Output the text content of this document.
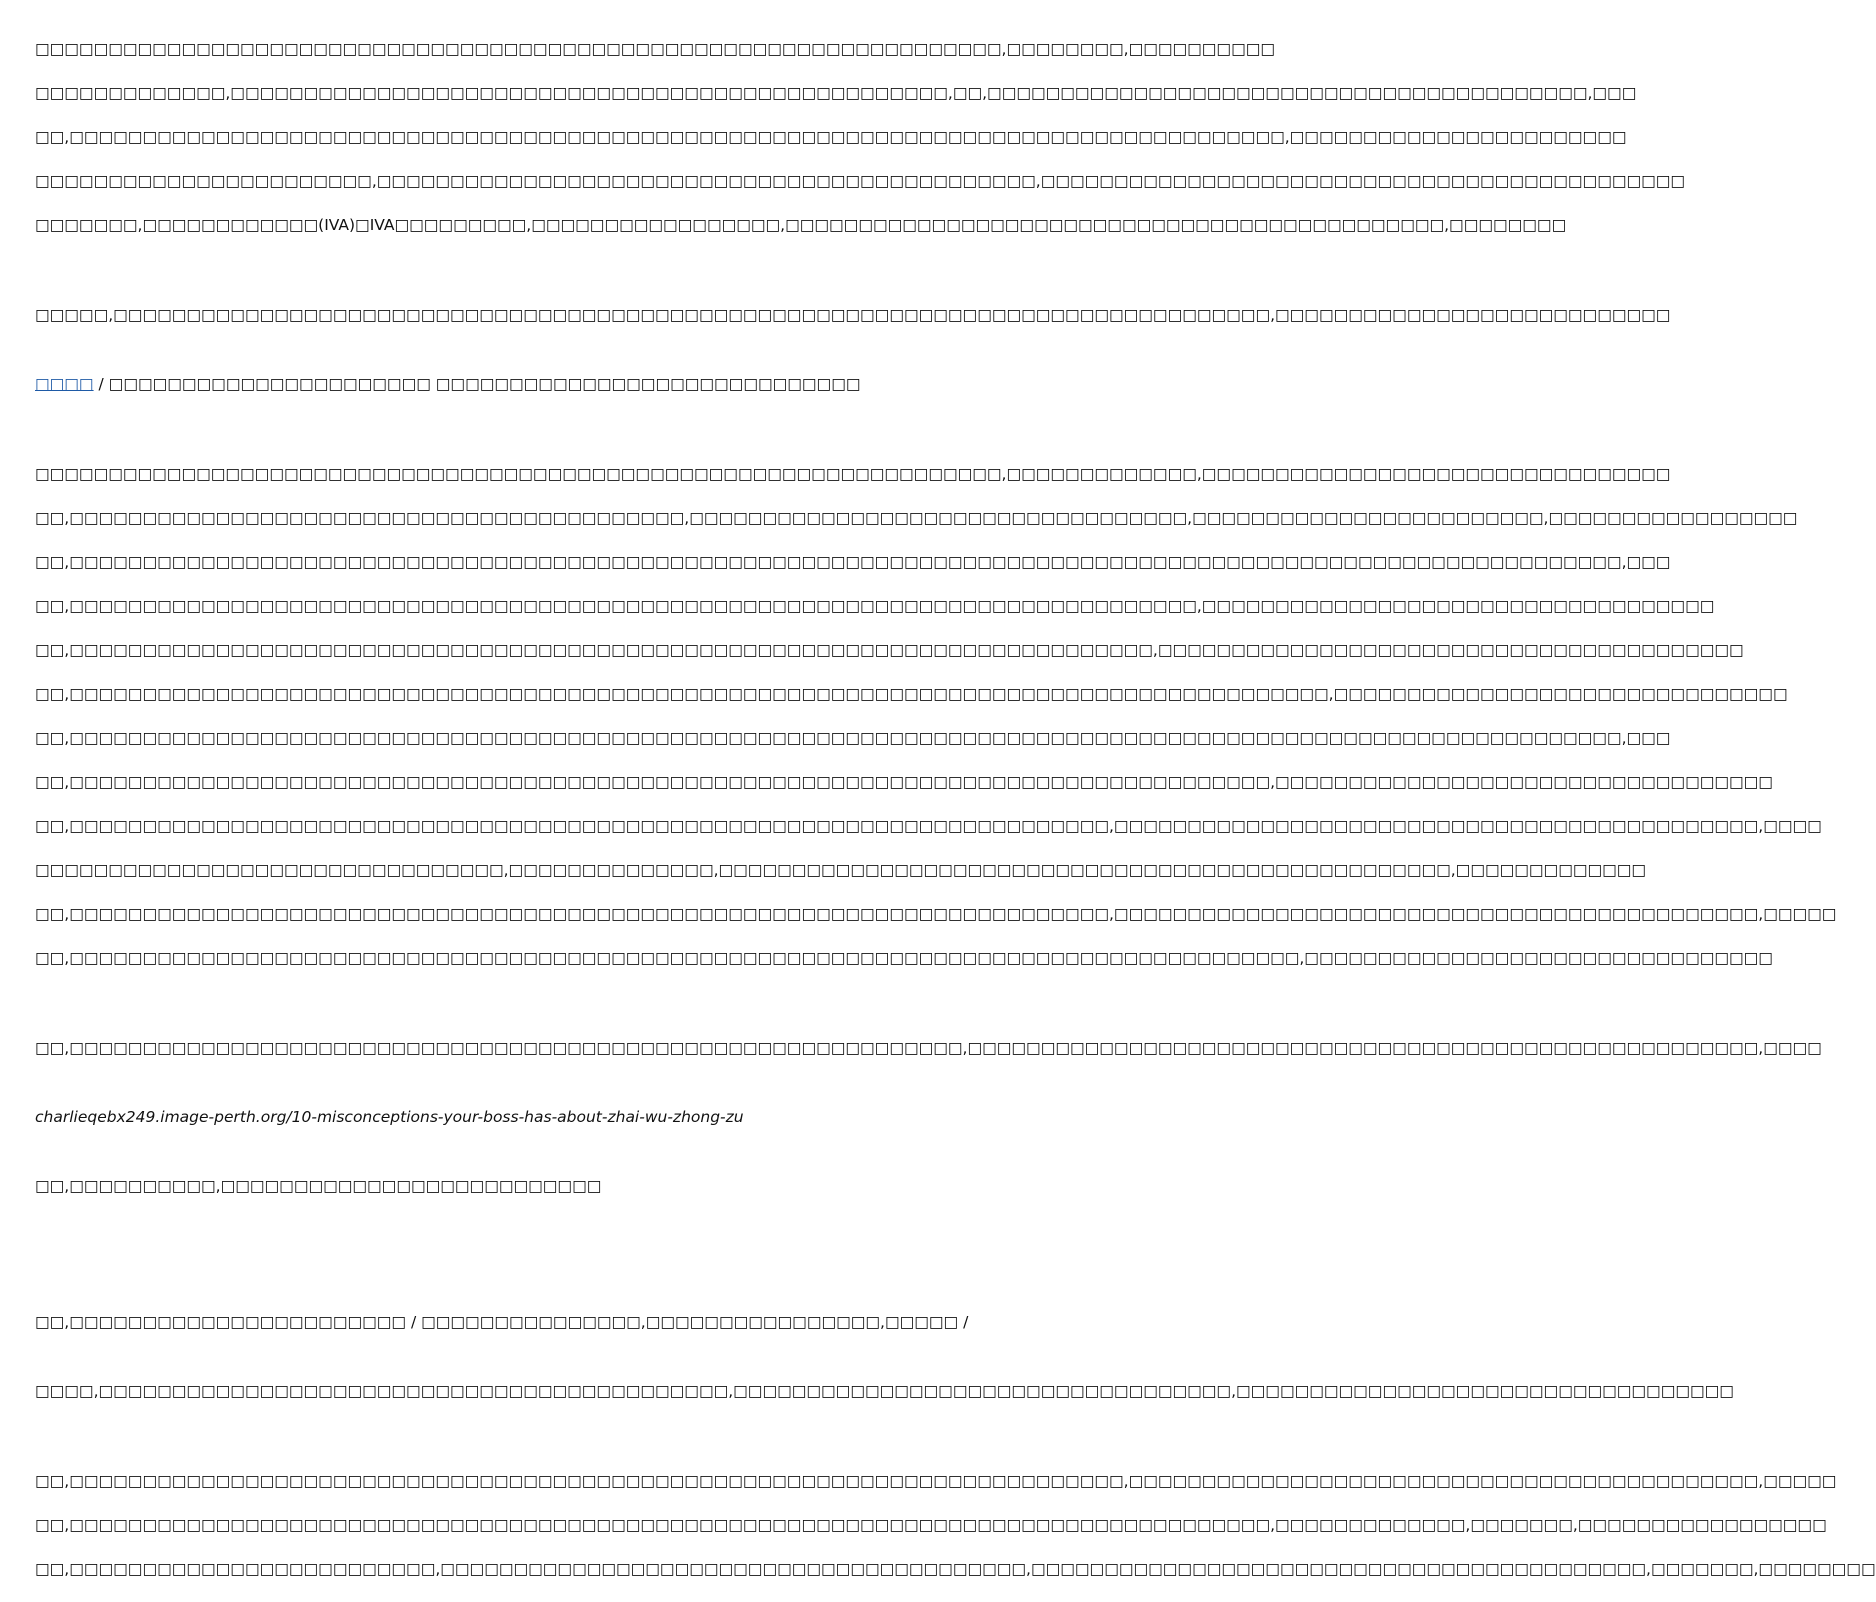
□□□□□□□□□□□□□□□□□□□□□□□□□□□□□□□□□□□□□□□□□□□□□□□□□□□□□□□□□□□□□□□□□□,□□□□□□□□,□□□□□□□□□□

□□□□□□□□□□□□□,□□□□□□□□□□□□□□□□□□□□□□□□□□□□□□□□□□□□□□□□□□□□□□□□□,□□,□□□□□□□□□□□□□□□□□□□□□□□□□□□□□□□□□□□□□□□□□,□□□

□□,□□□□□□□□□□□□□□□□□□□□□□□□□□□□□□□□□□□□□□□□□□□□□□□□□□□□□□□□□□□□□□□□□□□□□□□□□□□□□□□□□□□,□□□□□□□□□□□□□□□□□□□□□□□

□□□□□□□□□□□□□□□□□□□□□□□,□□□□□□□□□□□□□□□□□□□□□□□□□□□□□□□□□□□□□□□□□□□□□,□□□□□□□□□□□□□□□□□□□□□□□□□□□□□□□□□□□□□□□□□□□□

□□□□□□□,□□□□□□□□□□□□(IVA)□IVA□□□□□□□□□,□□□□□□□□□□□□□□□□□,□□□□□□□□□□□□□□□□□□□□□□□□□□□□□□□□□□□□□□□□□□□□□,□□□□□□□□

□□□□□,□□□□□□□□□□□□□□□□□□□□□□□□□□□□□□□□□□□□□□□□□□□□□□□□□□□□□□□□□□□□□□□□□□□□□□□□□□□□□□□,□□□□□□□□□□□□□□□□□□□□□□□□□□□

□□□□ / □□□□□□□□□□□□□□□□□□□□□□ □□□□□□□□□□□□□□□□□□□□□□□□□□□□□

□□□□□□□□□□□□□□□□□□□□□□□□□□□□□□□□□□□□□□□□□□□□□□□□□□□□□□□□□□□□□□□□□□,□□□□□□□□□□□□□,□□□□□□□□□□□□□□□□□□□□□□□□□□□□□□□□

□□,□□□□□□□□□□□□□□□□□□□□□□□□□□□□□□□□□□□□□□□□□□,□□□□□□□□□□□□□□□□□□□□□□□□□□□□□□□□□□,□□□□□□□□□□□□□□□□□□□□□□□□,□□□□□□□□□□□□□□□□□

□□,□□□□□□□□□□□□□□□□□□□□□□□□□□□□□□□□□□□□□□□□□□□□□□□□□□□□□□□□□□□□□□□□□□□□□□□□□□□□□□□□□□□□□□□□□□□□□□□□□□□□□□□□□□,□□□

□□,□□□□□□□□□□□□□□□□□□□□□□□□□□□□□□□□□□□□□□□□□□□□□□□□□□□□□□□□□□□□□□□□□□□□□□□□□□□□□,□□□□□□□□□□□□□□□□□□□□□□□□□□□□□□□□□□□

□□,□□□□□□□□□□□□□□□□□□□□□□□□□□□□□□□□□□□□□□□□□□□□□□□□□□□□□□□□□□□□□□□□□□□□□□□□□□,□□□□□□□□□□□□□□□□□□□□□□□□□□□□□□□□□□□□□□□□

□□,□□□□□□□□□□□□□□□□□□□□□□□□□□□□□□□□□□□□□□□□□□□□□□□□□□□□□□□□□□□□□□□□□□□□□□□□□□□□□□□□□□□□□□,□□□□□□□□□□□□□□□□□□□□□□□□□□□□□□□

□□,□□□□□□□□□□□□□□□□□□□□□□□□□□□□□□□□□□□□□□□□□□□□□□□□□□□□□□□□□□□□□□□□□□□□□□□□□□□□□□□□□□□□□□□□□□□□□□□□□□□□□□□□□□,□□□

□□,□□□□□□□□□□□□□□□□□□□□□□□□□□□□□□□□□□□□□□□□□□□□□□□□□□□□□□□□□□□□□□□□□□□□□□□□□□□□□□□□□□,□□□□□□□□□□□□□□□□□□□□□□□□□□□□□□□□□□

□□,□□□□□□□□□□□□□□□□□□□□□□□□□□□□□□□□□□□□□□□□□□□□□□□□□□□□□□□□□□□□□□□□□□□□□□□,□□□□□□□□□□□□□□□□□□□□□□□□□□□□□□□□□□□□□□□□□□□□,□□□□

□□□□□□□□□□□□□□□□□□□□□□□□□□□□□□□□,□□□□□□□□□□□□□□,□□□□□□□□□□□□□□□□□□□□□□□□□□□□□□□□□□□□□□□□□□□□□□□□□□,□□□□□□□□□□□□□

□□,□□□□□□□□□□□□□□□□□□□□□□□□□□□□□□□□□□□□□□□□□□□□□□□□□□□□□□□□□□□□□□□□□□□□□□□,□□□□□□□□□□□□□□□□□□□□□□□□□□□□□□□□□□□□□□□□□□□□,□□□□□

□□,□□□□□□□□□□□□□□□□□□□□□□□□□□□□□□□□□□□□□□□□□□□□□□□□□□□□□□□□□□□□□□□□□□□□□□□□□□□□□□□□□□□□,□□□□□□□□□□□□□□□□□□□□□□□□□□□□□□□□

□□,□□□□□□□□□□□□□□□□□□□□□□□□□□□□□□□□□□□□□□□□□□□□□□□□□□□□□□□□□□□□□,□□□□□□□□□□□□□□□□□□□□□□□□□□□□□□□□□□□□□□□□□□□□□□□□□□□□□□,□□□□

charlieqebx249.image-perth.org/10-misconceptions-your-boss-has-about-zhai-wu-zhong-zu

□□,□□□□□□□□□□,□□□□□□□□□□□□□□□□□□□□□□□□□□

□□,□□□□□□□□□□□□□□□□□□□□□□□ / □□□□□□□□□□□□□□□,□□□□□□□□□□□□□□□□,□□□□□ /

□□□□,□□□□□□□□□□□□□□□□□□□□□□□□□□□□□□□□□□□□□□□□□□□,□□□□□□□□□□□□□□□□□□□□□□□□□□□□□□□□□□,□□□□□□□□□□□□□□□□□□□□□□□□□□□□□□□□□□

□□,□□□□□□□□□□□□□□□□□□□□□□□□□□□□□□□□□□□□□□□□□□□□□□□□□□□□□□□□□□□□□□□□□□□□□□□□,□□□□□□□□□□□□□□□□□□□□□□□□□□□□□□□□□□□□□□□□□□□,□□□□□

□□,□□□□□□□□□□□□□□□□□□□□□□□□□□□□□□□□□□□□□□□□□□□□□□□□□□□□□□□□□□□□□□□□□□□□□□□□□□□□□□□□□□,□□□□□□□□□□□□□,□□□□□□□,□□□□□□□□□□□□□□□□□

□□,□□□□□□□□□□□□□□□□□□□□□□□□□,□□□□□□□□□□□□□□□□□□□□□□□□□□□□□□□□□□□□□□□□,□□□□□□□□□□□□□□□□□□□□□□□□□□□□□□□□□□□□□□□□□□,□□□□□□□,□□□□□□□□
